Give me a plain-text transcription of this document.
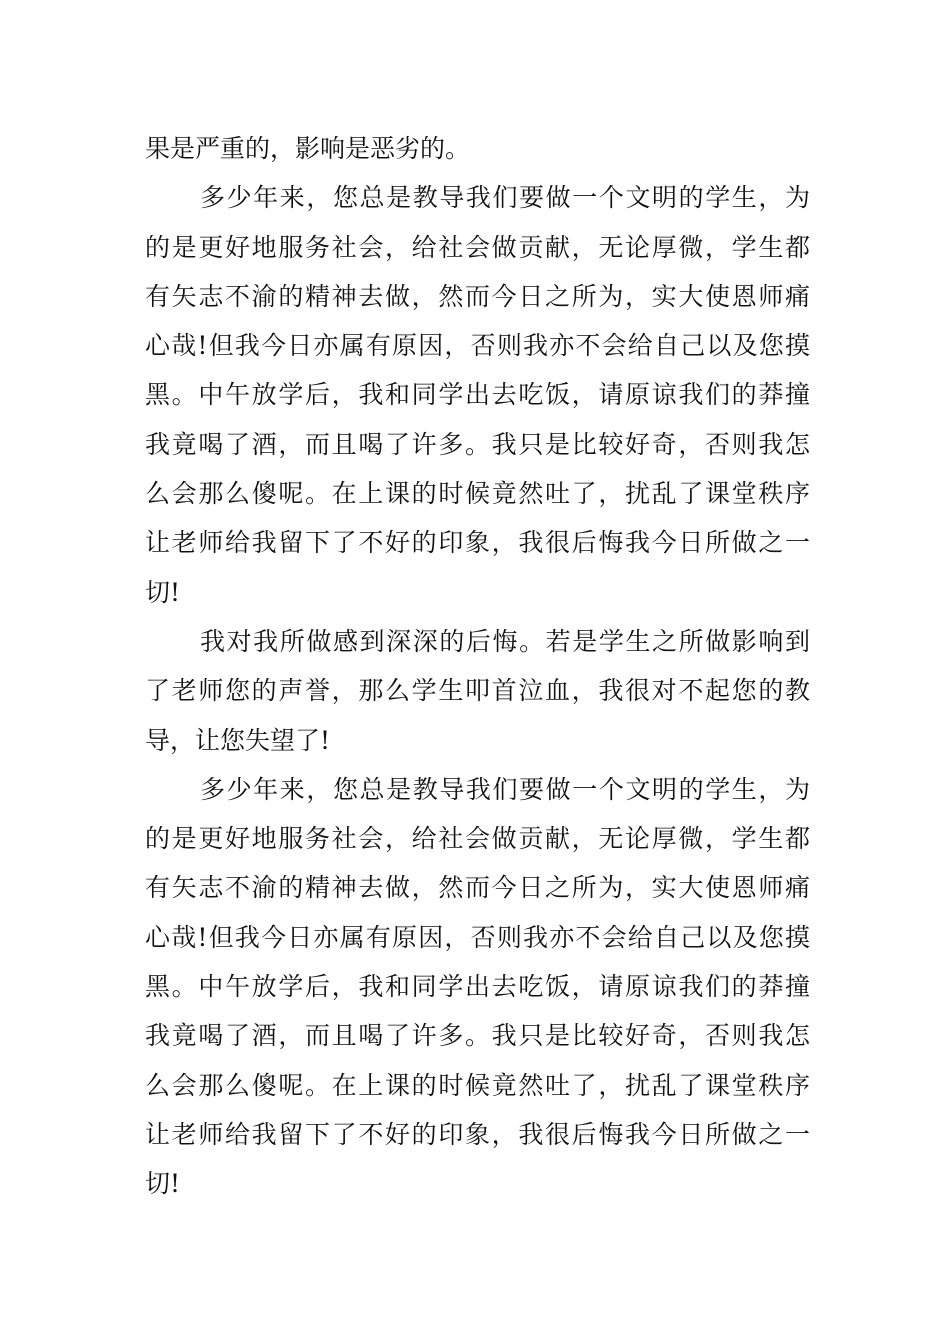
果是严重的，影响是恶劣的。
多少年来，您总是教导我们要做一个文明的学生，为
的是更好地服务社会，给社会做贡献，无论厚微，学生都
有矢志不渝的精神去做，然而今日之所为，实大使恩师痛
心哉!但我今日亦属有原因，否则我亦不会给自己以及您摸
黑。中午放学后，我和同学出去吃饭，请原谅我们的莽撞
我竟喝了酒，而且喝了许多。我只是比较好奇，否则我怎
么会那么傻呢。在上课的时候竟然吐了，扰乱了课堂秩序
让老师给我留下了不好的印象，我很后悔我今日所做之一
切!
我对我所做感到深深的后悔。若是学生之所做影响到
了老师您的声誉，那么学生叩首泣血，我很对不起您的教
导，让您失望了!
多少年来，您总是教导我们要做一个文明的学生，为
的是更好地服务社会，给社会做贡献，无论厚微，学生都
有矢志不渝的精神去做，然而今日之所为，实大使恩师痛
心哉!但我今日亦属有原因，否则我亦不会给自己以及您摸
黑。中午放学后，我和同学出去吃饭，请原谅我们的莽撞
我竟喝了酒，而且喝了许多。我只是比较好奇，否则我怎
么会那么傻呢。在上课的时候竟然吐了，扰乱了课堂秩序
让老师给我留下了不好的印象，我很后悔我今日所做之一
切!
